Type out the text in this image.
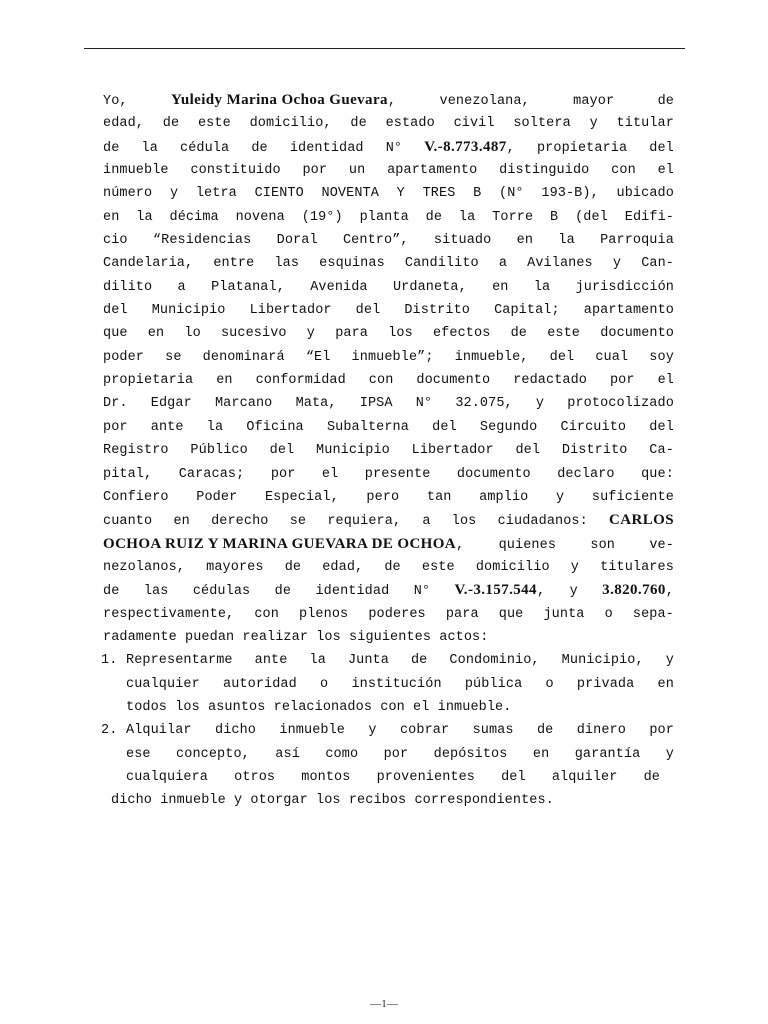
Yo,	Yuleidy Marina Ochoa Guevara,	venezolana,	mayor	de
edad, de este domicilio, de estado civil soltera y titular
de la cédula de identidad N° V.-8.773.487, propietaria del
inmueble constituido por un apartamento distinguido con el
número y letra CIENTO NOVENTA Y TRES B (N° 193-B), ubicado
en la décima novena (19°) planta de la Torre B (del Edifi-
cio “Residencias Doral Centro”, situado en la Parroquia
Candelaria, entre las esquinas Candilito a Avilanes y Can-
dilito a Platanal, Avenida Urdaneta, en la jurisdicción
del Municipio Libertador del Distrito Capital; apartamento
que en lo sucesivo y para los efectos de este documento
poder se denominará “El inmueble”; inmueble, del cual soy
propietaria en conformidad con documento redactado por el
Dr. Edgar Marcano Mata, IPSA N° 32.075, y protocolizado
por ante la Oficina Subalterna del Segundo Circuito del
Registro Público del Municipio Libertador del Distrito Ca-
pital, Caracas; por el presente documento declaro que:
Confiero Poder Especial, pero tan amplio y suficiente
cuanto en derecho se requiera, a los ciudadanos: CARLOS
OCHOA RUIZ Y MARINA GUEVARA DE OCHOA,	quienes	son	ve-
nezolanos, mayores de edad, de este domicilio y titulares
de las cédulas de identidad N° V.-3.157.544, y 3.820.760,
respectivamente, con plenos poderes para que junta o sepa-
radamente puedan realizar los siguientes actos:
1. Representarme ante la Junta de Condominio, Municipio, y
cualquier autoridad o institución pública o privada en
todos los asuntos relacionados con el inmueble.
2. Alquilar dicho inmueble y cobrar sumas de dinero por
ese concepto, así como por depósitos en garantía y
cualquiera otros montos provenientes del alquiler de
dicho inmueble y otorgar los recibos correspondientes.
—1—
